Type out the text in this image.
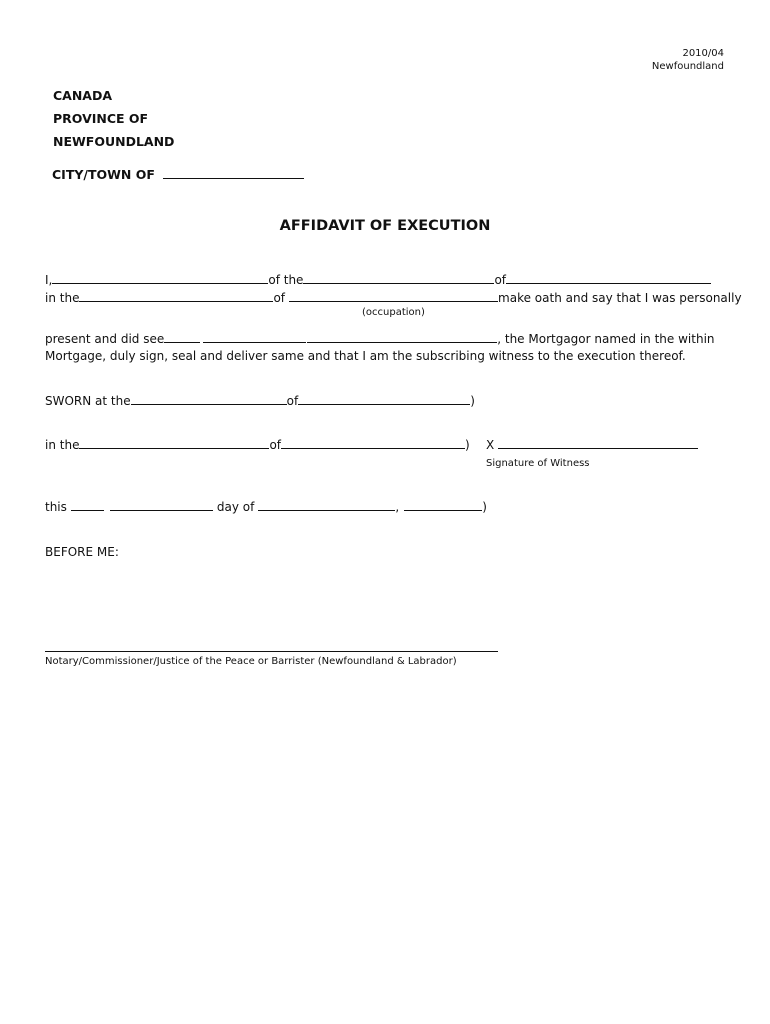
2010/04
Newfoundland
CANADA
PROVINCE OF
NEWFOUNDLAND
CITY/TOWN OF
AFFIDAVIT OF EXECUTION
I,	of the	of
in the	of	make oath and say that I was personally
(occupation)
present and did see	, the Mortgagor named in the within
Mortgage, duly sign, seal and deliver same and that I am the subscribing witness to the execution thereof.
SWORN at the	of	)
in the	of	) X
Signature of Witness
this	day of	,	)
BEFORE ME:
Notary/Commissioner/Justice of the Peace or Barrister (Newfoundland & Labrador)
